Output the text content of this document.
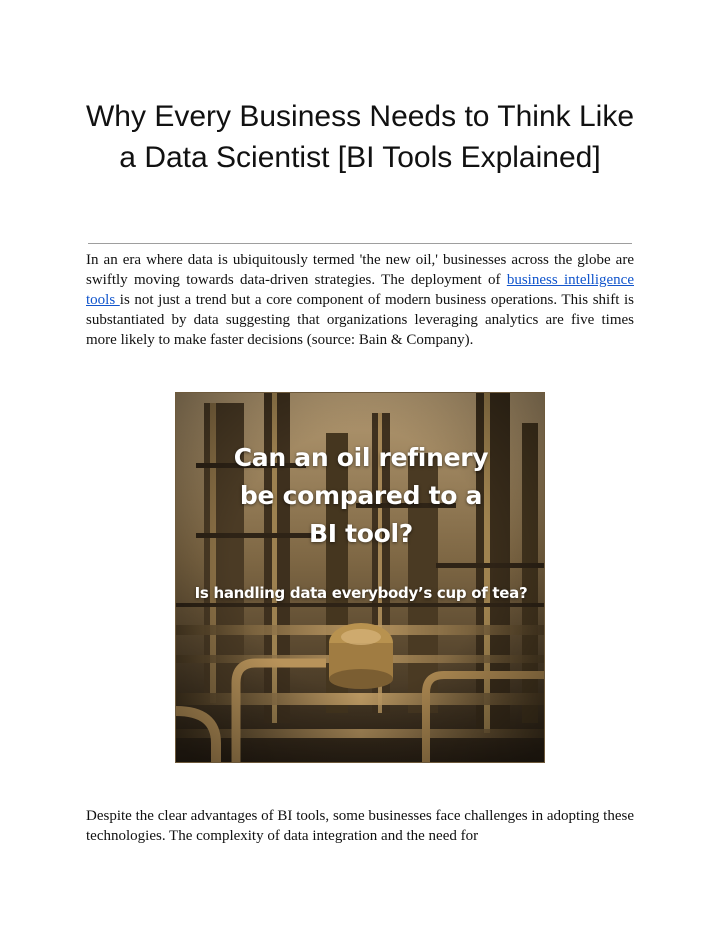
Why Every Business Needs to Think Like a Data Scientist [BI Tools Explained]

In an era where data is ubiquitously termed 'the new oil,' businesses across the globe are swiftly moving towards data-driven strategies. The deployment of business intelligence tools is not just a trend but a core component of modern business operations. This shift is substantiated by data suggesting that organizations leveraging analytics are five times more likely to make faster decisions (source: Bain & Company).

Can an oil refinery
be compared to a
BI tool?
Is handling data everybody’s cup of tea?

Despite the clear advantages of BI tools, some businesses face challenges in adopting these technologies. The complexity of data integration and the need for
